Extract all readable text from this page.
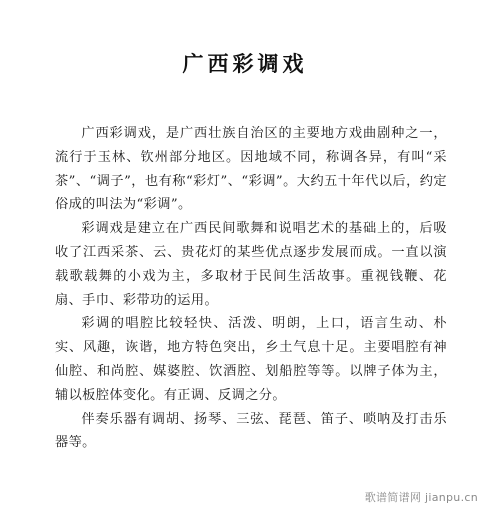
广西彩调戏

广西彩调戏，是广西壮族自治区的主要地方戏曲剧种之一，流行于玉林、钦州部分地区。因地域不同，称调各异，有叫“采茶”、“调子”，也有称“彩灯”、“彩调”。大约五十年代以后，约定俗成的叫法为“彩调”。

彩调戏是建立在广西民间歌舞和说唱艺术的基础上的，后吸收了江西采茶、云、贵花灯的某些优点逐步发展而成。一直以演载歌载舞的小戏为主，多取材于民间生活故事。重视钱鞭、花扇、手巾、彩带功的运用。

彩调的唱腔比较轻快、活泼、明朗，上口，语言生动、朴实、风趣，诙谐，地方特色突出，乡土气息十足。主要唱腔有神仙腔、和尚腔、媒婆腔、饮酒腔、划船腔等等。以牌子体为主，辅以板腔体变化。有正调、反调之分。

伴奏乐器有调胡、扬琴、三弦、琵琶、笛子、唢呐及打击乐器等。

歌谱简谱网 jianpu.cn
